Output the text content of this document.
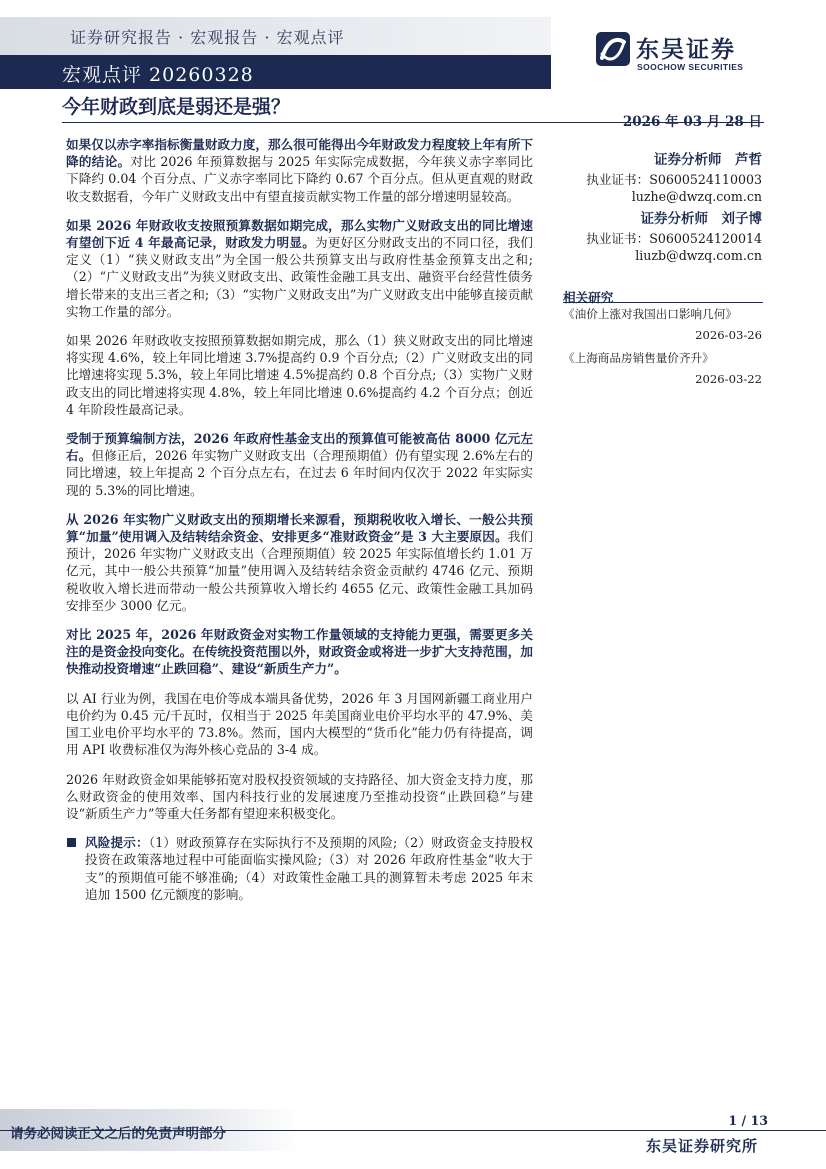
证券研究报告 · 宏观报告 · 宏观点评
宏观点评 20260328
东吴证券
SOOCHOW SECURITIES
今年财政到底是弱还是强？
2026 年 03 月 28 日
证券分析师　芦哲
执业证书：S0600524110003
luzhe@dwzq.com.cn
证券分析师　刘子博
执业证书：S0600524120014
liuzb@dwzq.com.cn
相关研究
《油价上涨对我国出口影响几何》
2026-03-26
《上海商品房销售量价齐升》
2026-03-22

如果仅以赤字率指标衡量财政力度，那么很可能得出今年财政发力程度较上年有所下降的结论。对比 2026 年预算数据与 2025 年实际完成数据，今年狭义赤字率同比下降约 0.04 个百分点、广义赤字率同比下降约 0.67 个百分点。但从更直观的财政收支数据看，今年广义财政支出中有望直接贡献实物工作量的部分增速明显较高。

如果 2026 年财政收支按照预算数据如期完成，那么实物广义财政支出的同比增速有望创下近 4 年最高记录，财政发力明显。为更好区分财政支出的不同口径，我们定义（1）“狭义财政支出”为全国一般公共预算支出与政府性基金预算支出之和;（2）“广义财政支出”为狭义财政支出、政策性金融工具支出、融资平台经营性债务增长带来的支出三者之和;（3）“实物广义财政支出”为广义财政支出中能够直接贡献实物工作量的部分。

如果 2026 年财政收支按照预算数据如期完成，那么（1）狭义财政支出的同比增速将实现 4.6%，较上年同比增速 3.7%提高约 0.9 个百分点;（2）广义财政支出的同比增速将实现 5.3%，较上年同比增速 4.5%提高约 0.8 个百分点;（3）实物广义财政支出的同比增速将实现 4.8%，较上年同比增速 0.6%提高约 4.2 个百分点；创近 4 年阶段性最高记录。

受制于预算编制方法，2026 年政府性基金支出的预算值可能被高估 8000 亿元左右。但修正后，2026 年实物广义财政支出（合理预期值）仍有望实现 2.6%左右的同比增速，较上年提高 2 个百分点左右，在过去 6 年时间内仅次于 2022 年实际实现的 5.3%的同比增速。

从 2026 年实物广义财政支出的预期增长来源看，预期税收收入增长、一般公共预算“加量”使用调入及结转结余资金、安排更多“准财政资金”是 3 大主要原因。我们预计，2026 年实物广义财政支出（合理预期值）较 2025 年实际值增长约 1.01 万亿元，其中一般公共预算“加量”使用调入及结转结余资金贡献约 4746 亿元、预期税收收入增长进而带动一般公共预算收入增长约 4655 亿元、政策性金融工具加码安排至少 3000 亿元。

对比 2025 年，2026 年财政资金对实物工作量领域的支持能力更强，需要更多关注的是资金投向变化。在传统投资范围以外，财政资金或将进一步扩大支持范围，加快推动投资增速“止跌回稳”、建设“新质生产力”。

以 AI 行业为例，我国在电价等成本端具备优势，2026 年 3 月国网新疆工商业用户电价约为 0.45 元/千瓦时，仅相当于 2025 年美国商业电价平均水平的 47.9%、美国工业电价平均水平的 73.8%。然而，国内大模型的“货币化”能力仍有待提高，调用 API 收费标准仅为海外核心竞品的 3-4 成。

2026 年财政资金如果能够拓宽对股权投资领域的支持路径、加大资金支持力度，那么财政资金的使用效率、国内科技行业的发展速度乃至推动投资“止跌回稳”与建设“新质生产力”等重大任务都有望迎来积极变化。

风险提示：（1）财政预算存在实际执行不及预期的风险;（2）财政资金支持股权投资在政策落地过程中可能面临实操风险;（3）对 2026 年政府性基金“收大于支”的预期值可能不够准确;（4）对政策性金融工具的测算暂未考虑 2025 年末追加 1500 亿元额度的影响。

1 / 13
请务必阅读正文之后的免责声明部分
东吴证券研究所
